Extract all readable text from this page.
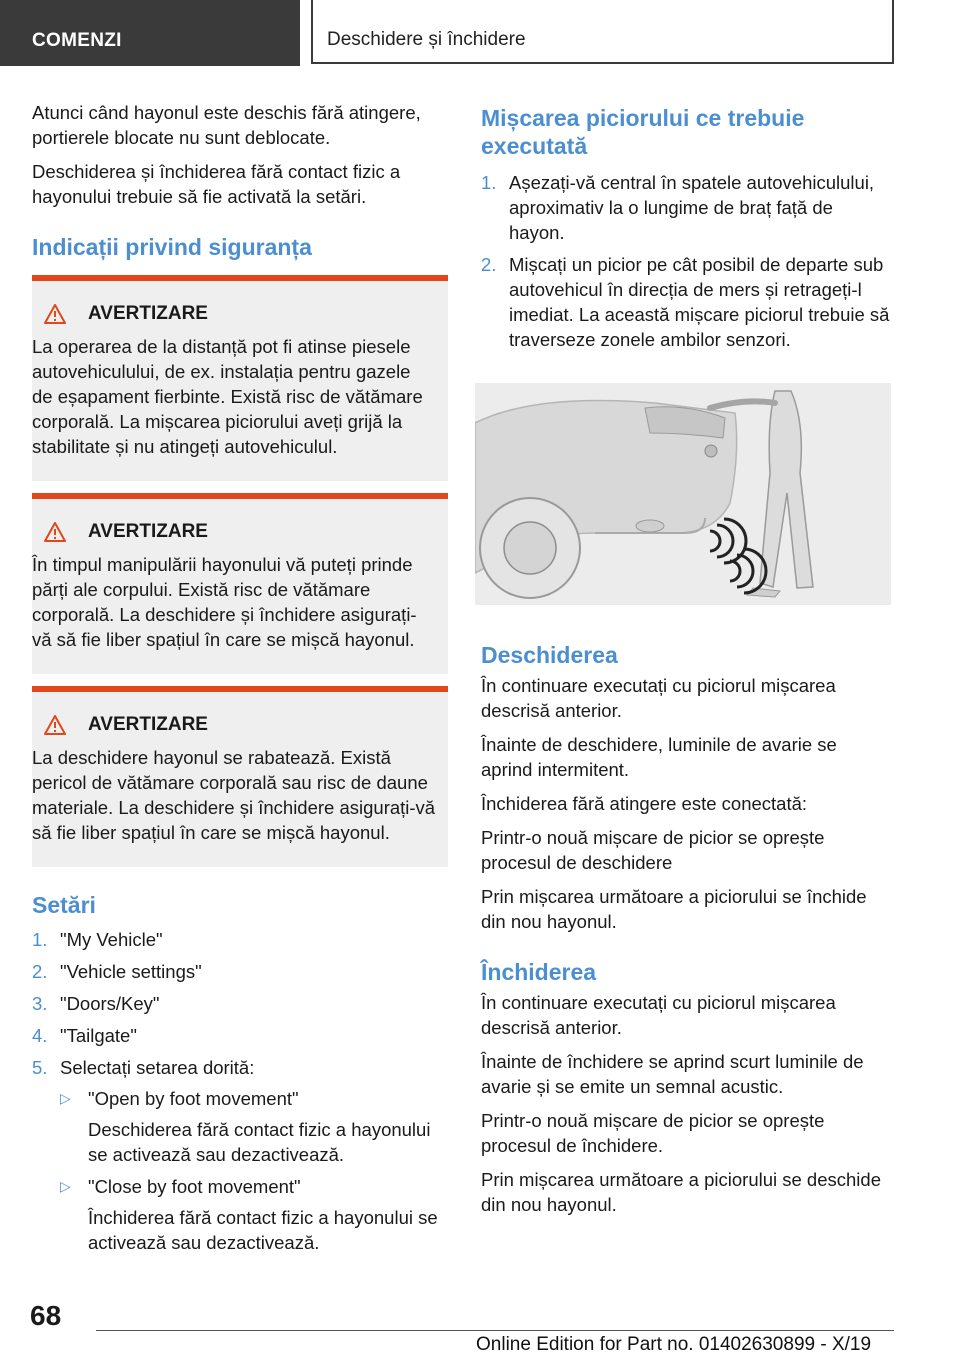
COMENZI	Deschidere și închidere

Atunci când hayonul este deschis fără atingere, portierele blocate nu sunt deblocate.

Deschiderea și închiderea fără contact fizic a hayonului trebuie să fie activată la setări.

Indicații privind siguranța
AVERTIZARE
La operarea de la distanță pot fi atinse piesele autovehiculului, de ex. instalația pentru gazele de eșapament fierbinte. Există risc de vătămare corporală. La mișcarea piciorului aveți grijă la stabilitate și nu atingeți autovehiculul.
AVERTIZARE
În timpul manipulării hayonului vă puteți prinde părți ale corpului. Există risc de vătămare corporală. La deschidere și închidere asigurați-vă să fie liber spațiul în care se mișcă hayonul.
AVERTIZARE
La deschidere hayonul se rabatează. Există pericol de vătămare corporală sau risc de daune materiale. La deschidere și închidere asigurați-vă să fie liber spațiul în care se mișcă hayonul.
Setări
1. "My Vehicle"
2. "Vehicle settings"
3. "Doors/Key"
4. "Tailgate"
5. Selectați setarea dorită:
▷ "Open by foot movement"
Deschiderea fără contact fizic a hayonului se activează sau dezactivează.
▷ "Close by foot movement"
Închiderea fără contact fizic a hayonului se activează sau dezactivează.
Mișcarea piciorului ce trebuie executată
1. Așezați-vă central în spatele autovehiculului, aproximativ la o lungime de braț față de hayon.
2. Mișcați un picior pe cât posibil de departe sub autovehicul în direcția de mers și retrageți-l imediat. La această mișcare piciorul trebuie să traverseze zonele ambilor senzori.
Deschiderea

În continuare executați cu piciorul mișcarea descrisă anterior.

Înainte de deschidere, luminile de avarie se aprind intermitent.

Închiderea fără atingere este conectată:

Printr-o nouă mișcare de picior se oprește procesul de deschidere

Prin mișcarea următoare a piciorului se închide din nou hayonul.

Închiderea

În continuare executați cu piciorul mișcarea descrisă anterior.

Înainte de închidere se aprind scurt luminile de avarie și se emite un semnal acustic.

Printr-o nouă mișcare de picior se oprește procesul de închidere.

Prin mișcarea următoare a piciorului se deschide din nou hayonul.

68
Online Edition for Part no. 01402630899 - X/19
